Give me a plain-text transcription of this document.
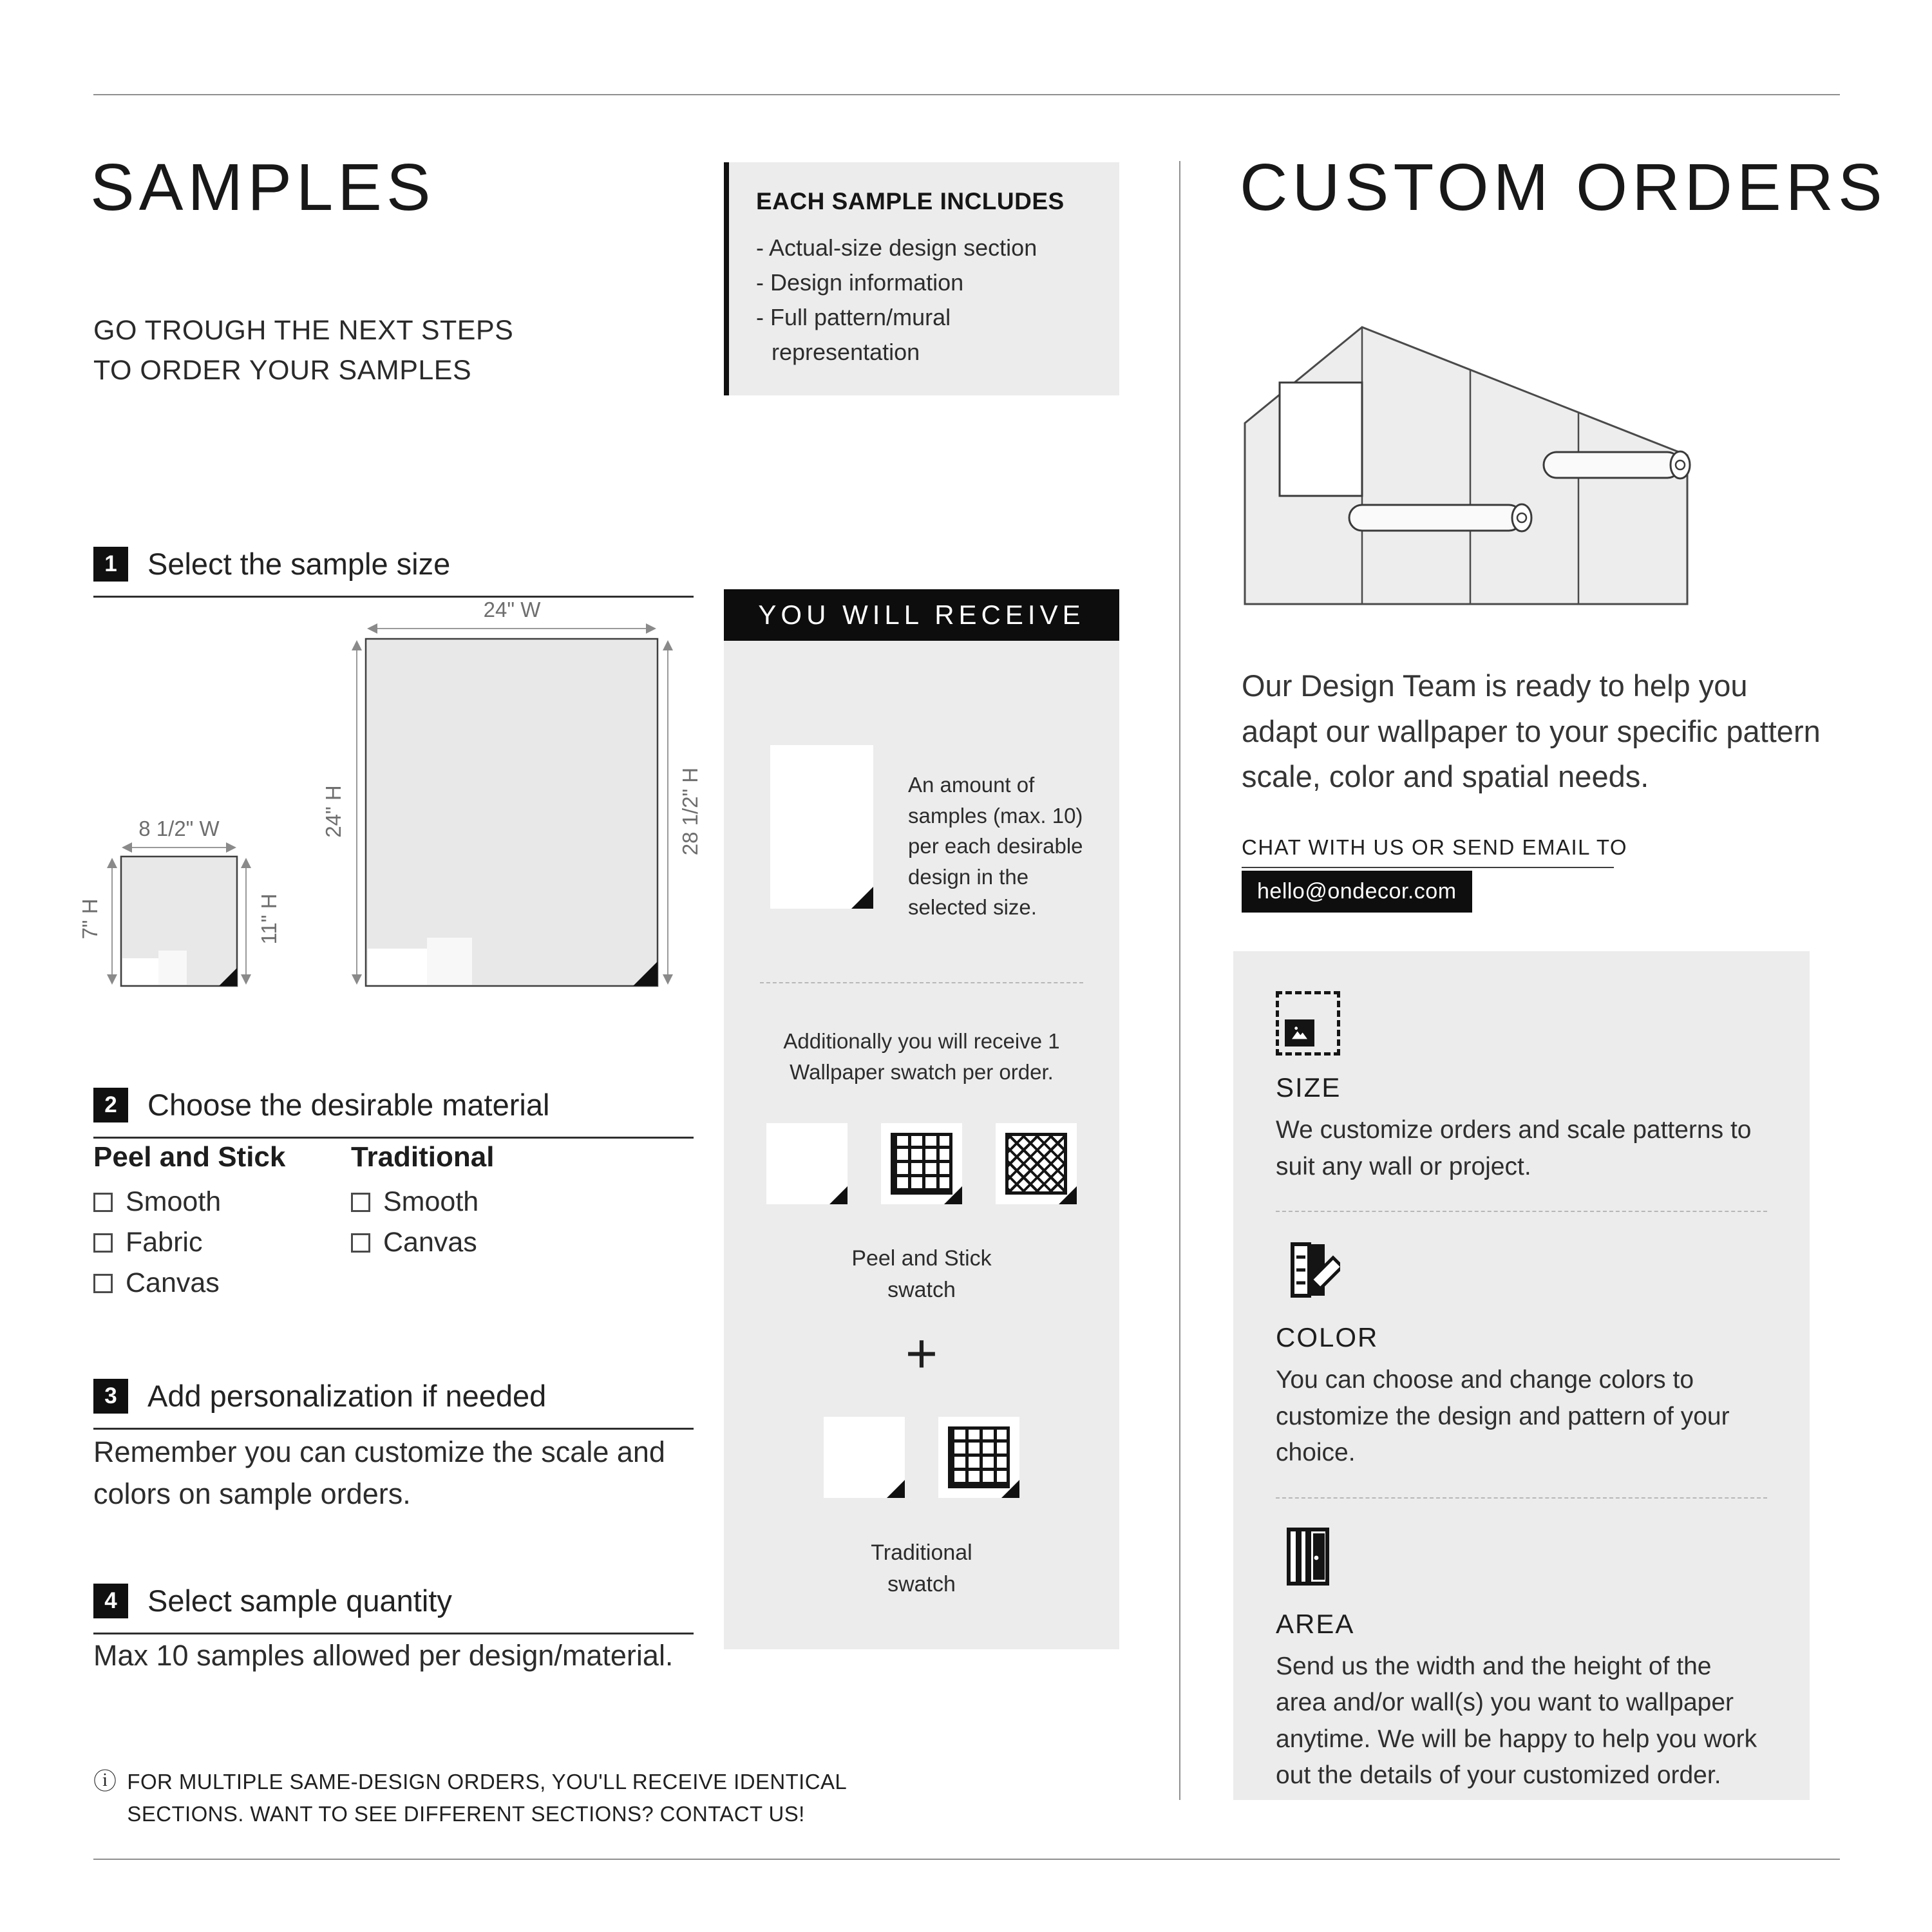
SAMPLES
GO TROUGH THE NEXT STEPS
TO ORDER YOUR SAMPLES
1	Select the sample size
24" W
24" H	28 1/2" H
8 1/2" W
7" H	11" H
2	Choose the desirable material
Peel and Stick Traditional
Smooth
Fabric
Canvas
Smooth
Canvas
3	Add personalization if needed
Remember you can customize the scale and colors on sample orders.
4	Select sample quantity
Max 10 samples allowed per design/material.
ⓘ FOR MULTIPLE SAME-DESIGN ORDERS, YOU'LL RECEIVE IDENTICAL SECTIONS. WANT TO SEE DIFFERENT SECTIONS? CONTACT US!
EACH SAMPLE INCLUDES
- Actual-size design section
- Design information
- Full pattern/mural representation
YOU WILL RECEIVE
An amount of samples (max. 10) per each desirable design in the selected size.
Additionally you will receive 1 Wallpaper swatch per order.
Peel and Stick swatch
+
Traditional swatch
CUSTOM ORDERS
Our Design Team is ready to help you adapt our wallpaper to your specific pattern scale, color and spatial needs.
CHAT WITH US OR SEND EMAIL TO
hello@ondecor.com
SIZE
We customize orders and scale patterns to suit any wall or project.
COLOR
You can choose and change colors to customize the design and pattern of your choice.
AREA
Send us the width and the height of the area and/or wall(s) you want to wallpaper anytime. We will be happy to help you work out the details of your customized order.
